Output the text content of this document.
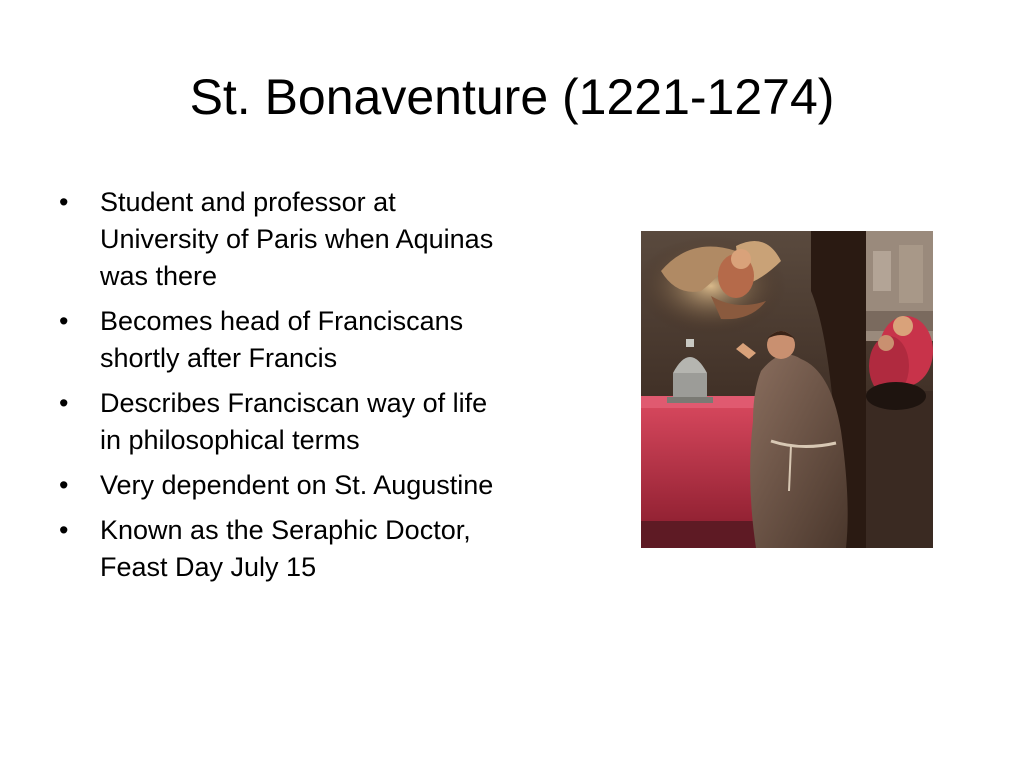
St. Bonaventure (1221-1274)
• Student and professor at University of Paris when Aquinas was there
• Becomes head of Franciscans shortly after Francis
• Describes Franciscan way of life in philosophical terms
• Very dependent on St. Augustine
• Known as the Seraphic Doctor, Feast Day July 15
